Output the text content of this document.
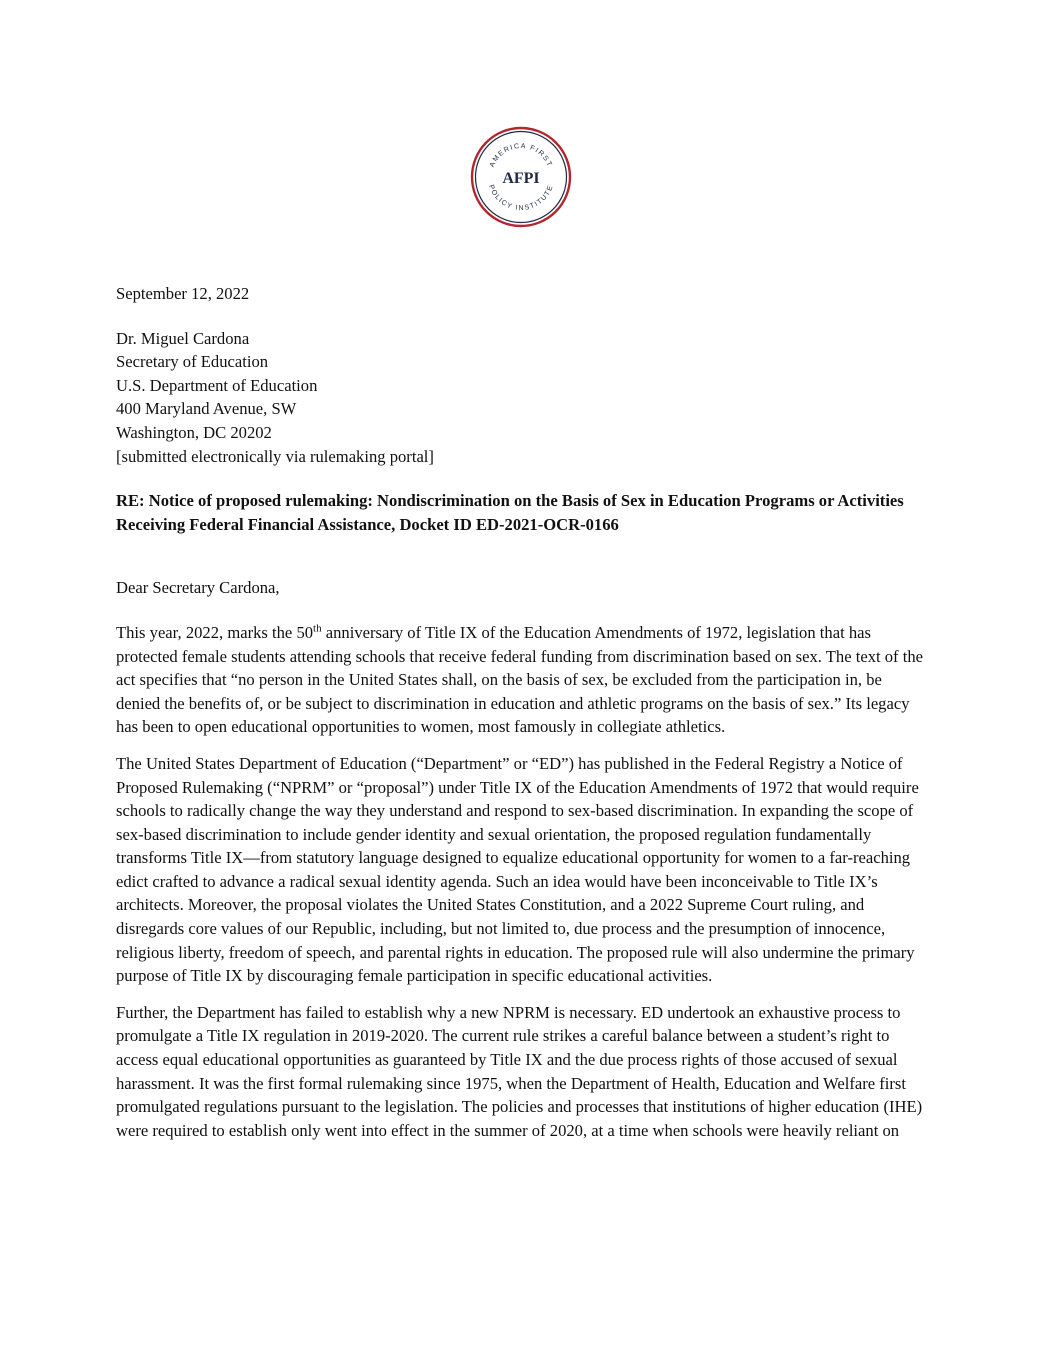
AMERICA FIRST
POLICY INSTITUTE
AFPI

September 12, 2022

Dr. Miguel Cardona
Secretary of Education
U.S. Department of Education
400 Maryland Avenue, SW
Washington, DC 20202
[submitted electronically via rulemaking portal]

RE: Notice of proposed rulemaking: Nondiscrimination on the Basis of Sex in Education Programs or Activities Receiving Federal Financial Assistance, Docket ID ED-2021-OCR-0166

Dear Secretary Cardona,

This year, 2022, marks the 50th anniversary of Title IX of the Education Amendments of 1972, legislation that has protected female students attending schools that receive federal funding from discrimination based on sex. The text of the act specifies that “no person in the United States shall, on the basis of sex, be excluded from the participation in, be denied the benefits of, or be subject to discrimination in education and athletic programs on the basis of sex.” Its legacy has been to open educational opportunities to women, most famously in collegiate athletics.

The United States Department of Education (“Department” or “ED”) has published in the Federal Registry a Notice of Proposed Rulemaking (“NPRM” or “proposal”) under Title IX of the Education Amendments of 1972 that would require schools to radically change the way they understand and respond to sex-based discrimination. In expanding the scope of sex-based discrimination to include gender identity and sexual orientation, the proposed regulation fundamentally transforms Title IX—from statutory language designed to equalize educational opportunity for women to a far-reaching edict crafted to advance a radical sexual identity agenda. Such an idea would have been inconceivable to Title IX’s architects. Moreover, the proposal violates the United States Constitution, and a 2022 Supreme Court ruling, and disregards core values of our Republic, including, but not limited to, due process and the presumption of innocence, religious liberty, freedom of speech, and parental rights in education. The proposed rule will also undermine the primary purpose of Title IX by discouraging female participation in specific educational activities.

Further, the Department has failed to establish why a new NPRM is necessary. ED undertook an exhaustive process to promulgate a Title IX regulation in 2019-2020. The current rule strikes a careful balance between a student’s right to access equal educational opportunities as guaranteed by Title IX and the due process rights of those accused of sexual harassment. It was the first formal rulemaking since 1975, when the Department of Health, Education and Welfare first promulgated regulations pursuant to the legislation. The policies and processes that institutions of higher education (IHE) were required to establish only went into effect in the summer of 2020, at a time when schools were heavily reliant on
